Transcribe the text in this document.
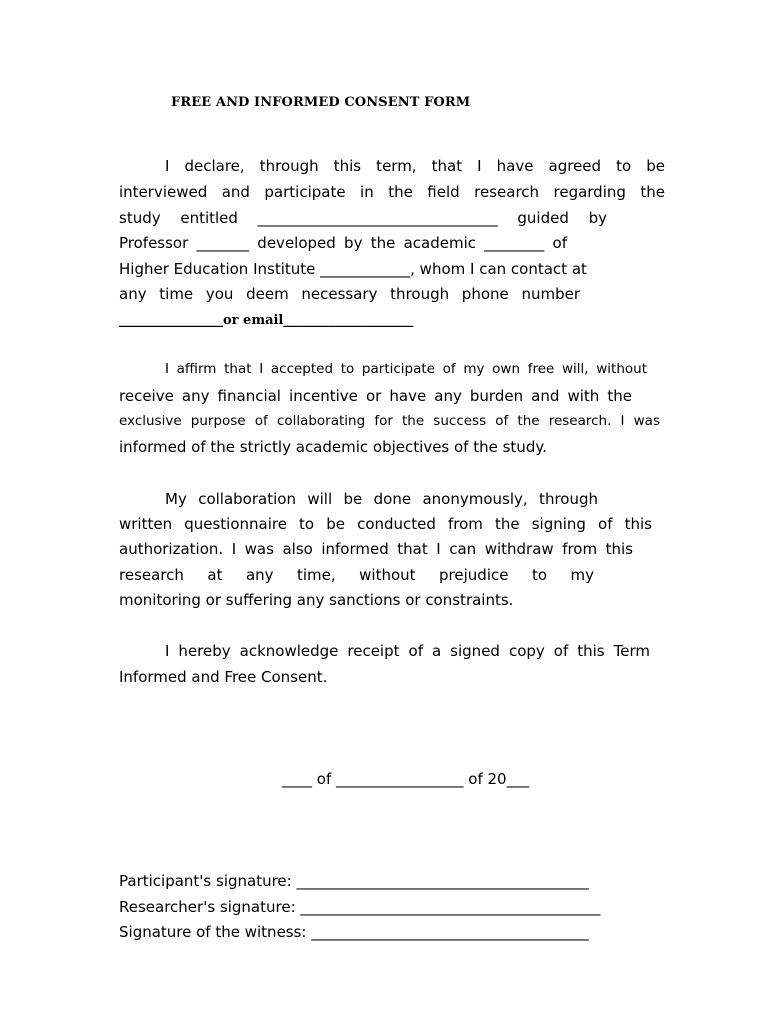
FREE AND INFORMED CONSENT FORM
I declare, through this term, that I have agreed to be
interviewed and participate in the field research regarding the
study entitled ________________________________ guided by
Professor _______ developed by the academic ________ of
Higher Education Institute ____________, whom I can contact at
any time you deem necessary through phone number
________________or email____________________
I affirm that I accepted to participate of my own free will, without
receive any financial incentive or have any burden and with the
exclusive purpose of collaborating for the success of the research. I was
informed of the strictly academic objectives of the study.
My collaboration will be done anonymously, through
written questionnaire to be conducted from the signing of this
authorization. I was also informed that I can withdraw from this
research at any time, without prejudice to my
monitoring or suffering any sanctions or constraints.
I hereby acknowledge receipt of a signed copy of this Term
Informed and Free Consent.
____ of _________________ of 20___
Participant's signature: _______________________________________
Researcher's signature: ________________________________________
Signature of the witness: _____________________________________
